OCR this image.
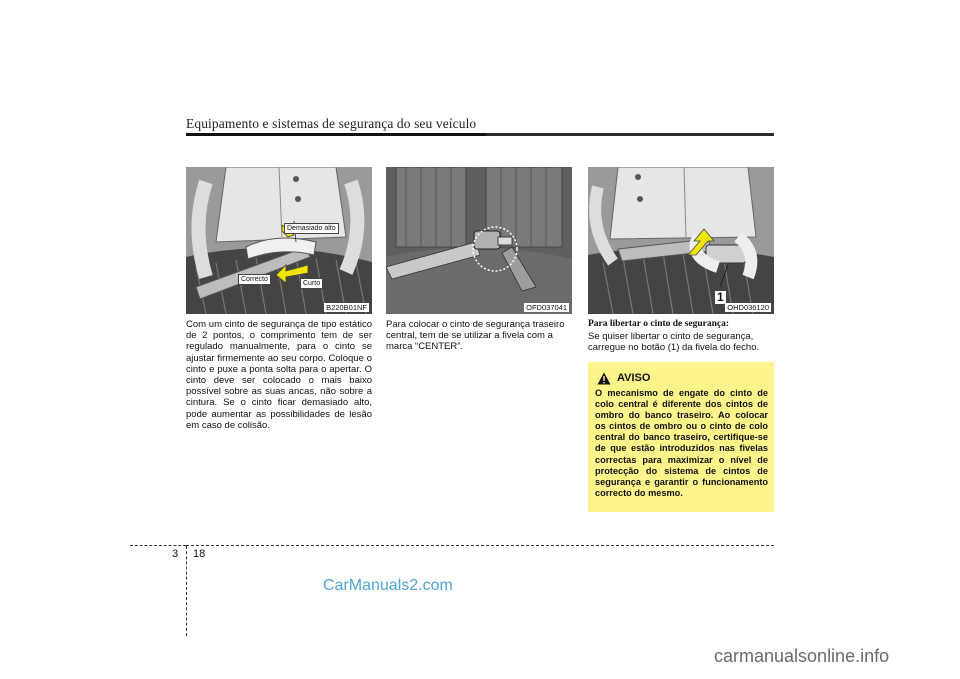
Equipamento e sistemas de segurança do seu veículo
Demasiado alto
Correcto
Curto
B220B01NF	OFD037041
1
OHD036120
Com um cinto de segurança de tipo estático de 2 pontos, o comprimento tem de ser regulado manualmente, para o cinto se ajustar firmemente ao seu corpo. Coloque o cinto e puxe a ponta solta para o apertar. O cinto deve ser colocado o mais baixo possível sobre as suas ancas, não sobre a cintura. Se o cinto ficar demasiado alto, pode aumentar as possibilidades de lesão em caso de colisão.
Para colocar o cinto de segurança traseiro central, tem de se utilizar a fivela com a marca “CENTER”.
Para libertar o cinto de segurança:
Se quiser libertar o cinto de segurança, carregue no botão (1) da fivela do fecho.
AVISO
O mecanismo de engate do cinto de colo central é diferente dos cintos de ombro do banco traseiro. Ao colocar os cintos de ombro ou o cinto de colo central do banco traseiro, certifique-se de que estão introduzidos nas fivelas correctas para maximizar o nível de protecção do sistema de cintos de segurança e garantir o funcionamento correcto do mesmo.
3 18
CarManuals2.com
carmanualsonline.info
